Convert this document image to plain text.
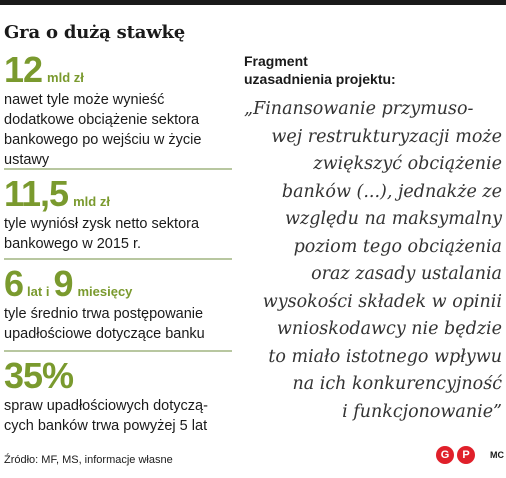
Gra o dużą stawkę
12 mld zł
nawet tyle może wynieść
dodatkowe obciążenie sektora
bankowego po wejściu w życie
ustawy
11,5 mld zł
tyle wyniósł zysk netto sektora
bankowego w 2015 r.
6 lat i 9 miesięcy
tyle średnio trwa postępowanie
upadłościowe dotyczące banku
35%
spraw upadłościowych dotyczą-
cych banków trwa powyżej 5 lat
Fragment
uzasadnienia projektu:
„Finansowanie przymuso-
wej restrukturyzacji może
zwiększyć obciążenie
banków (...), jednakże ze
względu na maksymalny
poziom tego obciążenia
oraz zasady ustalania
wysokości składek w opinii
wnioskodawcy nie będzie
to miało istotnego wpływu
na ich konkurencyjność
i funkcjonowanie”
Źródło: MF, MS, informacje własne	G	P	MC
